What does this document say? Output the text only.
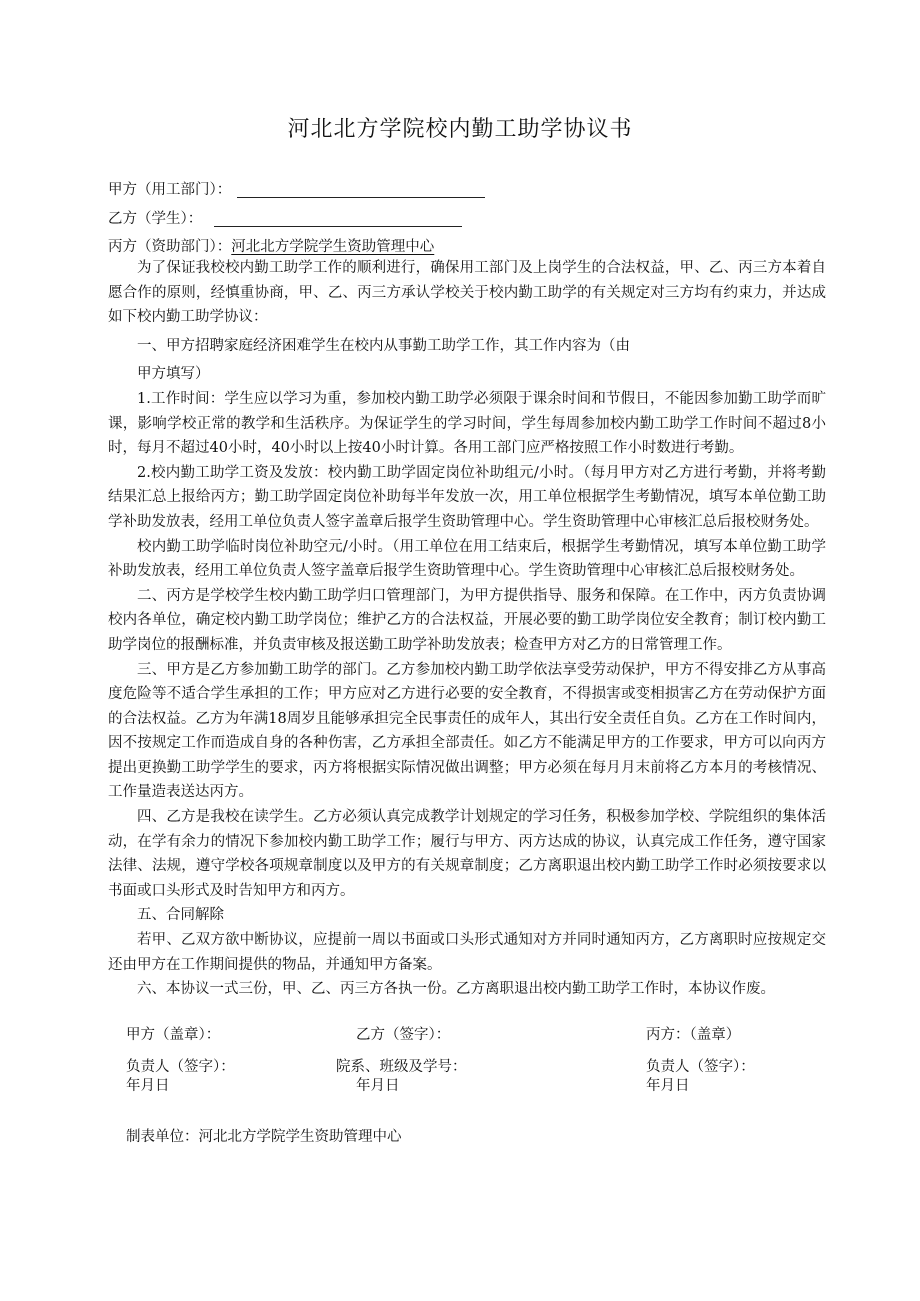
河北北方学院校内勤工助学协议书
甲方（用工部门）：
乙方（学生）：
丙方（资助部门）：河北北方学院学生资助管理中心

为了保证我校校内勤工助学工作的顺利进行，确保用工部门及上岗学生的合法权益，甲、乙、丙三方本着自愿合作的原则，经慎重协商，甲、乙、丙三方承认学校关于校内勤工助学的有关规定对三方均有约束力，并达成如下校内勤工助学协议：

一、甲方招聘家庭经济困难学生在校内从事勤工助学工作，其工作内容为（由

甲方填写）

1.工作时间：学生应以学习为重，参加校内勤工助学必须限于课余时间和节假日，不能因参加勤工助学而旷课，影响学校正常的教学和生活秩序。为保证学生的学习时间，学生每周参加校内勤工助学工作时间不超过8小时，每月不超过40小时，40小时以上按40小时计算。各用工部门应严格按照工作小时数进行考勤。

2.校内勤工助学工资及发放：校内勤工助学固定岗位补助组元/小时。（每月甲方对乙方进行考勤，并将考勤结果汇总上报给丙方；勤工助学固定岗位补助每半年发放一次，用工单位根据学生考勤情况，填写本单位勤工助学补助发放表，经用工单位负责人签字盖章后报学生资助管理中心。学生资助管理中心审核汇总后报校财务处。

校内勤工助学临时岗位补助空元/小时。（用工单位在用工结束后，根据学生考勤情况，填写本单位勤工助学补助发放表，经用工单位负责人签字盖章后报学生资助管理中心。学生资助管理中心审核汇总后报校财务处。

二、丙方是学校学生校内勤工助学归口管理部门，为甲方提供指导、服务和保障。在工作中，丙方负责协调校内各单位，确定校内勤工助学岗位；维护乙方的合法权益，开展必要的勤工助学岗位安全教育；制订校内勤工助学岗位的报酬标准，并负责审核及报送勤工助学补助发放表；检查甲方对乙方的日常管理工作。

三、甲方是乙方参加勤工助学的部门。乙方参加校内勤工助学依法享受劳动保护，甲方不得安排乙方从事高度危险等不适合学生承担的工作；甲方应对乙方进行必要的安全教育，不得损害或变相损害乙方在劳动保护方面的合法权益。乙方为年满18周岁且能够承担完全民事责任的成年人，其出行安全责任自负。乙方在工作时间内，因不按规定工作而造成自身的各种伤害，乙方承担全部责任。如乙方不能满足甲方的工作要求，甲方可以向丙方提出更换勤工助学学生的要求，丙方将根据实际情况做出调整；甲方必须在每月月末前将乙方本月的考核情况、工作量造表送达丙方。

四、乙方是我校在读学生。乙方必须认真完成教学计划规定的学习任务，积极参加学校、学院组织的集体活动，在学有余力的情况下参加校内勤工助学工作；履行与甲方、丙方达成的协议，认真完成工作任务，遵守国家法律、法规，遵守学校各项规章制度以及甲方的有关规章制度；乙方离职退出校内勤工助学工作时必须按要求以书面或口头形式及时告知甲方和丙方。

五、合同解除

若甲、乙双方欲中断协议，应提前一周以书面或口头形式通知对方并同时通知丙方，乙方离职时应按规定交还由甲方在工作期间提供的物品，并通知甲方备案。

六、本协议一式三份，甲、乙、丙三方各执一份。乙方离职退出校内勤工助学工作时，本协议作废。

甲方（盖章）：	乙方（签字）：	丙方：（盖章）
负责人（签字）：	院系、班级及学号：	负责人（签字）：
年月日	年月日	年月日
制表单位：河北北方学院学生资助管理中心
